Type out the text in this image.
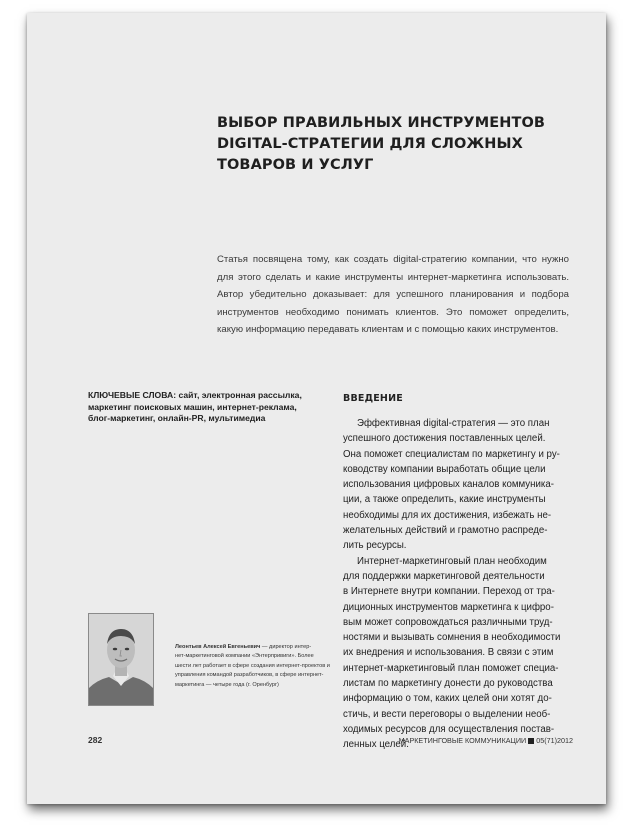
ВЫБОР ПРАВИЛЬНЫХ ИНСТРУМЕНТОВ
DIGITAL-СТРАТЕГИИ ДЛЯ СЛОЖНЫХ
ТОВАРОВ И УСЛУГ
Статья посвящена тому, как создать digital-стратегию компании, что нужно для этого сделать и какие инструменты интернет-маркетинга использовать. Автор убедительно доказывает: для успешного планирования и подбора инструментов необходимо понимать клиентов. Это поможет определить, какую информацию передавать клиентам и с помощью каких инструментов.
КЛЮЧЕВЫЕ СЛОВА: сайт, электронная рассылка, маркетинг поисковых машин, интернет-реклама, блог-маркетинг, онлайн-PR, мультимедиа
ВВЕДЕНИЕ
Эффективная digital-стратегия — это план
успешного достижения поставленных целей.
Она поможет специалистам по маркетингу и ру-
ководству компании выработать общие цели
использования цифровых каналов коммуника-
ции, а также определить, какие инструменты
необходимы для их достижения, избежать не-
желательных действий и грамотно распреде-
лить ресурсы.
Интернет-маркетинговый план необходим
для поддержки маркетинговой деятельности
в Интернете внутри компании. Переход от тра-
диционных инструментов маркетинга к цифро-
вым может сопровождаться различными труд-
ностями и вызывать сомнения в необходимости
их внедрения и использования. В связи с этим
интернет-маркетинговый план поможет специа-
листам по маркетингу донести до руководства
информацию о том, каких целей они хотят до-
стичь, и вести переговоры о выделении необ-
ходимых ресурсов для осуществления постав-
ленных целей.
Леонтьев Алексей Евгеньевич — директор интер-
нет-маркетинговой компании «Энтерпривиги». Более
шести лет работает в сфере создания интернет-проектов и
управления командой разработчиков, в сфере интернет-
маркетинга — четыре года (г. Оренбург)
282	МАРКЕТИНГОВЫЕ КОММУНИКАЦИИ 05(71)2012
